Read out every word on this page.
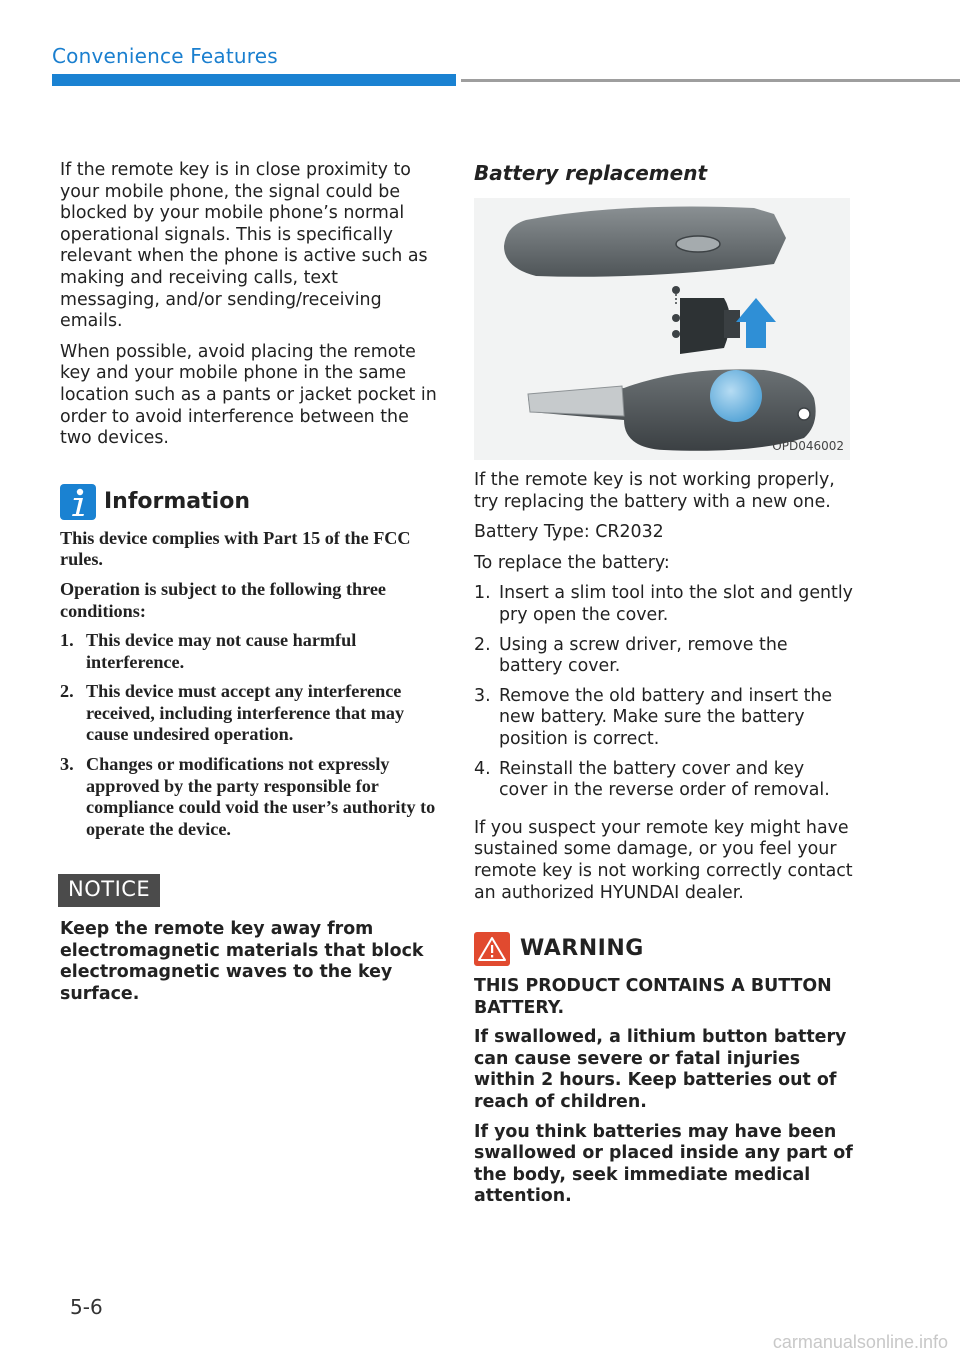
Convenience Features

If the remote key is in close proximity to your mobile phone, the signal could be blocked by your mobile phone’s normal operational signals. This is specifically relevant when the phone is active such as making and receiving calls, text messaging, and/or sending/receiving emails.

When possible, avoid placing the remote key and your mobile phone in the same location such as a pants or jacket pocket in order to avoid interference between the two devices.

Information

This device complies with Part 15 of the FCC rules.

Operation is subject to the following three conditions:

1. This device may not cause harmful interference.
2. This device must accept any interference received, including interference that may cause undesired operation.
3. Changes or modifications not expressly approved by the party responsible for compliance could void the user’s authority to operate the device.
NOTICE
Keep the remote key away from electromagnetic materials that block electromagnetic waves to the key surface.
Battery replacement
OPD046002

If the remote key is not working properly, try replacing the battery with a new one.

Battery Type: CR2032

To replace the battery:

1. Insert a slim tool into the slot and gently pry open the cover.
2. Using a screw driver, remove the battery cover.
3. Remove the old battery and insert the new battery. Make sure the battery position is correct.
4. Reinstall the battery cover and key cover in the reverse order of removal.

If you suspect your remote key might have sustained some damage, or you feel your remote key is not working correctly contact an authorized HYUNDAI dealer.

WARNING

THIS PRODUCT CONTAINS A BUTTON BATTERY.

If swallowed, a lithium button battery can cause severe or fatal injuries within 2 hours. Keep batteries out of reach of children.

If you think batteries may have been swallowed or placed inside any part of the body, seek immediate medical attention.

5-6
carmanualsonline.info
